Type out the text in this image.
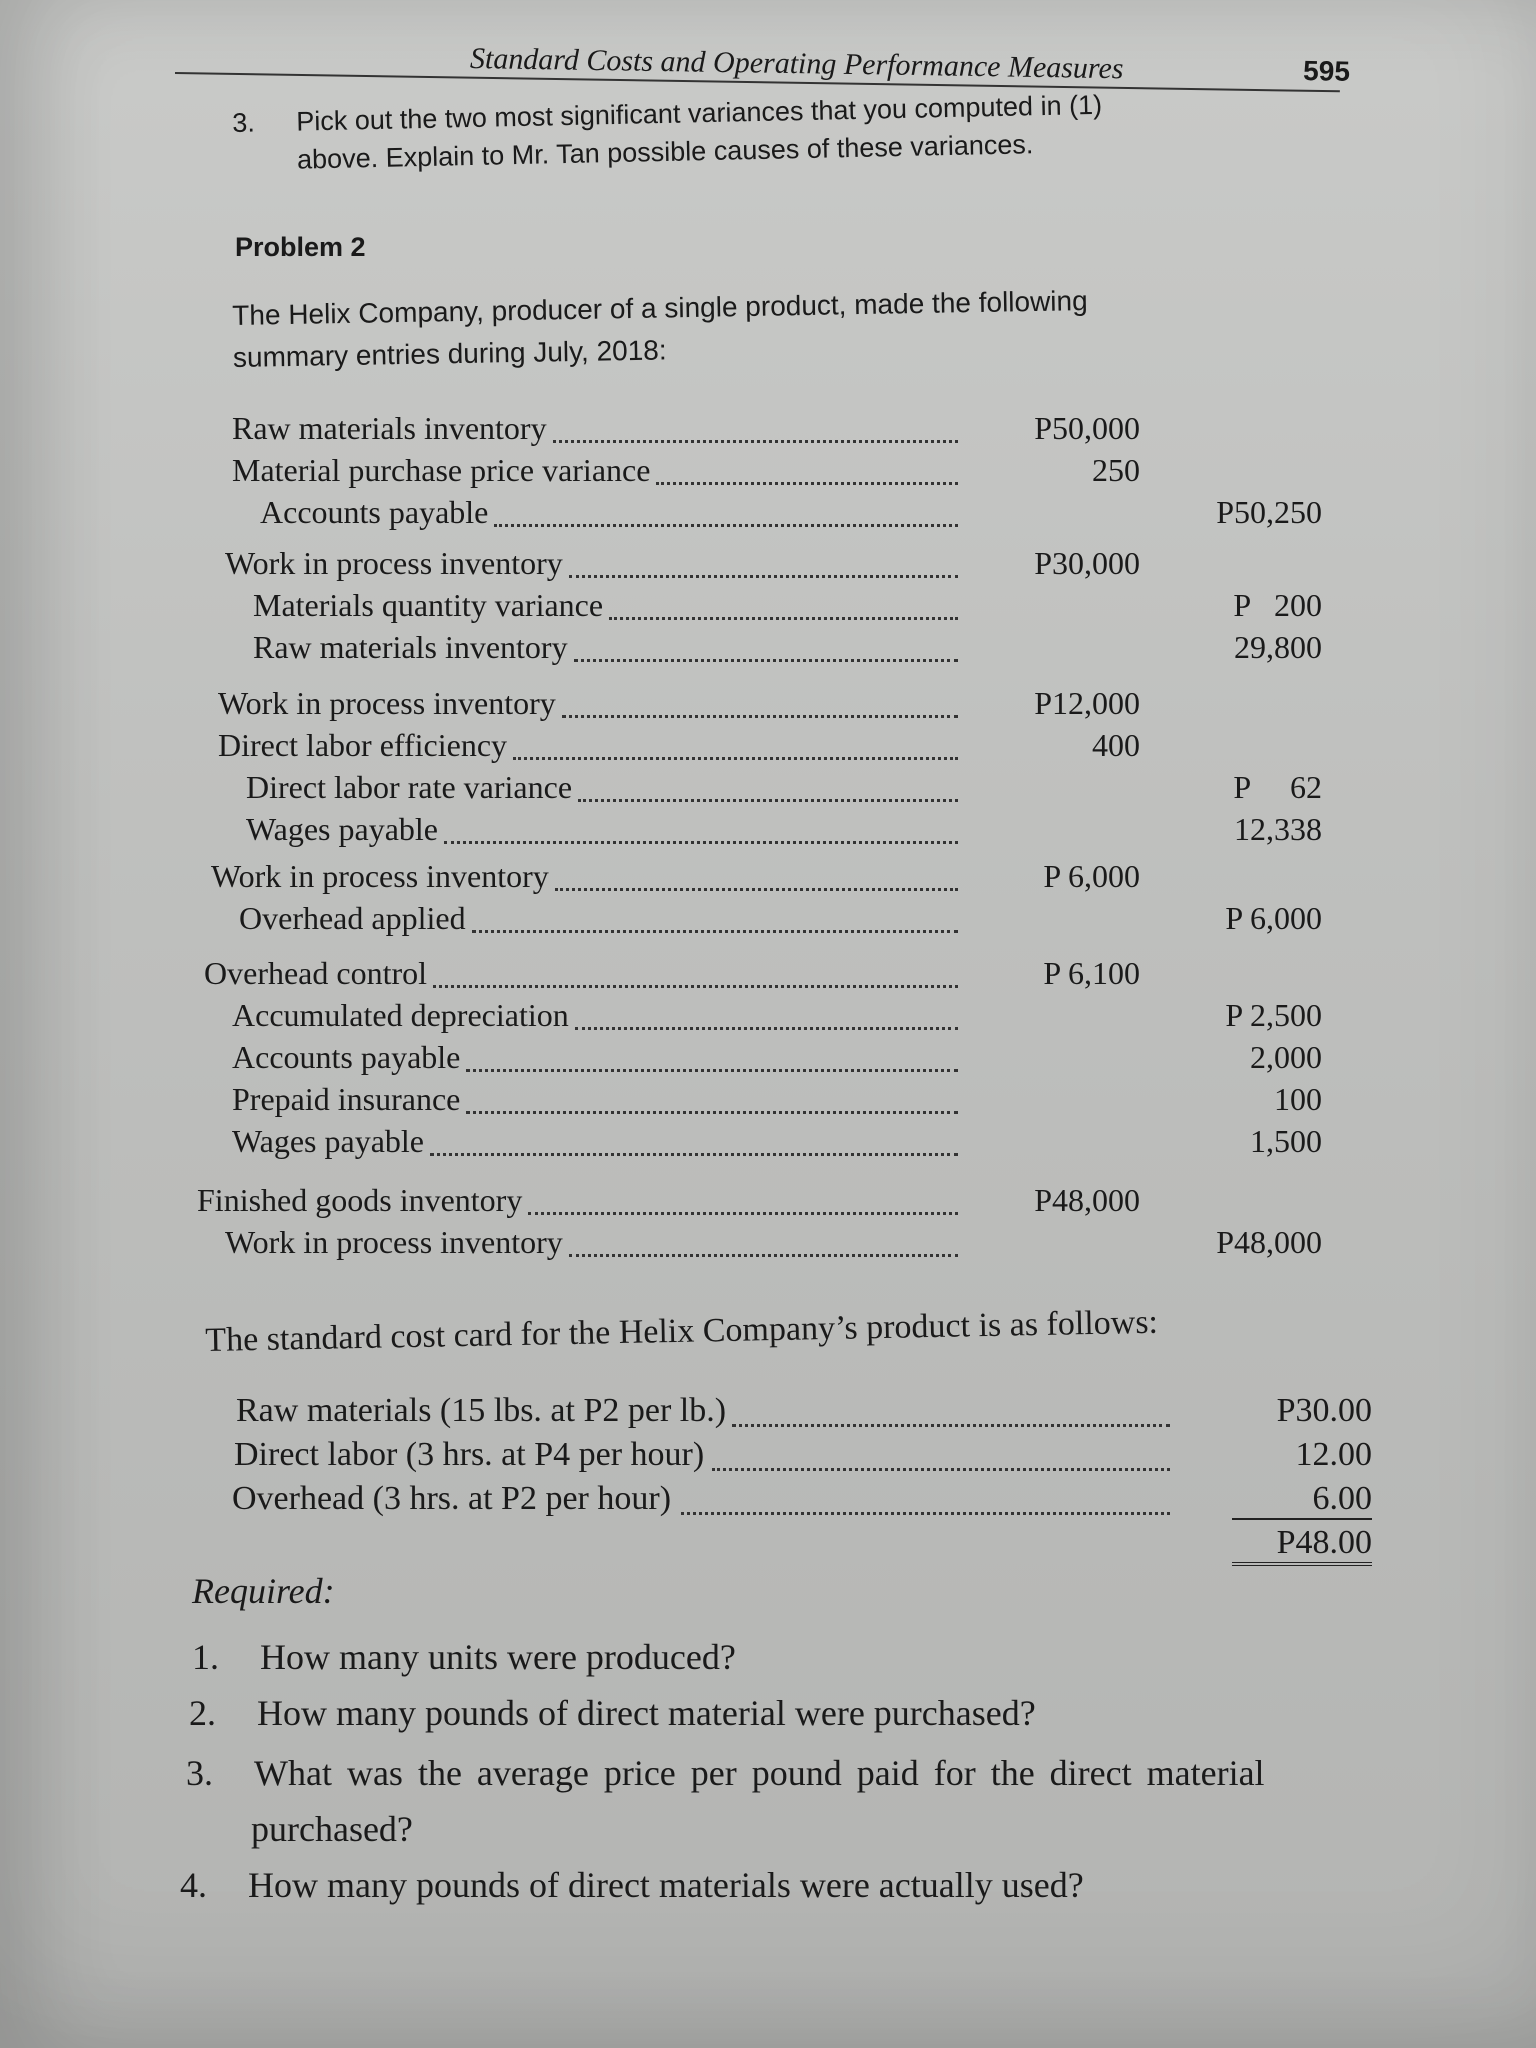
Standard Costs and Operating Performance Measures	595
3. Pick out the two most significant variances that you computed in (1)
above. Explain to Mr. Tan possible causes of these variances.
Problem 2
The Helix Company, producer of a single product, made the following
summary entries during July, 2018:
Raw materials inventory	P50,000
Material purchase price variance	250
Accounts payable	P50,250
Work in process inventory	P30,000
Materials quantity variance	P   200
Raw materials inventory	29,800
Work in process inventory	P12,000
Direct labor efficiency	400
Direct labor rate variance	P     62
Wages payable	12,338
Work in process inventory	P 6,000
Overhead applied	P 6,000
Overhead control	P 6,100
Accumulated depreciation	P 2,500
Accounts payable	2,000
Prepaid insurance	100
Wages payable	1,500
Finished goods inventory	P48,000
Work in process inventory	P48,000
The standard cost card for the Helix Company’s product is as follows:
Raw materials (15 lbs. at P2 per lb.)	P30.00
Direct labor (3 hrs. at P4 per hour)	12.00
Overhead (3 hrs. at P2 per hour)	6.00
P48.00
Required:
1. How many units were produced?
2. How many pounds of direct material were purchased?
3. What was the average price per pound paid for the direct material
purchased?
4. How many pounds of direct materials were actually used?
